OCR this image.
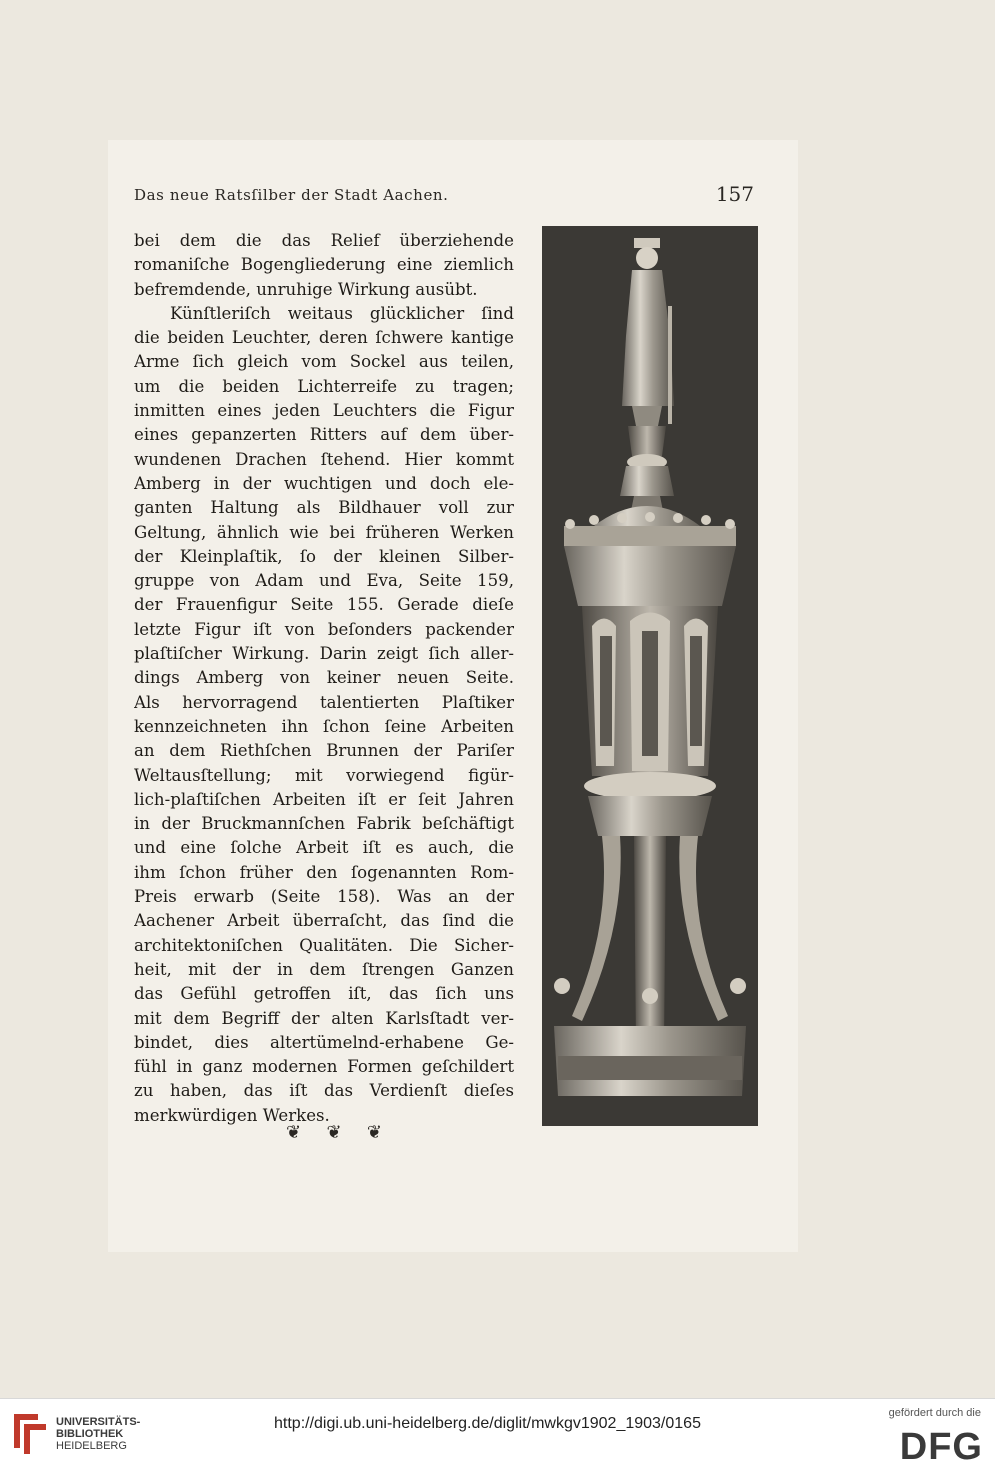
Das neue Ratsſilber der Stadt Aachen.	157
bei dem die das Relief überziehende
romaniſche Bogengliederung eine ziemlich
befremdende, unruhige Wirkung ausübt.
Künſtleriſch weitaus glücklicher ſind
die beiden Leuchter, deren ſchwere kantige
Arme ſich gleich vom Sockel aus teilen,
um die beiden Lichterreife zu tragen;
inmitten eines jeden Leuchters die Figur
eines gepanzerten Ritters auf dem über-
wundenen Drachen ſtehend. Hier kommt
Amberg in der wuchtigen und doch ele-
ganten Haltung als Bildhauer voll zur
Geltung, ähnlich wie bei früheren Werken
der Kleinplaſtik, ſo der kleinen Silber-
gruppe von Adam und Eva, Seite 159,
der Frauenfigur Seite 155. Gerade dieſe
letzte Figur iſt von beſonders packender
plaſtiſcher Wirkung. Darin zeigt ſich aller-
dings Amberg von keiner neuen Seite.
Als hervorragend talentierten Plaſtiker
kennzeichneten ihn ſchon ſeine Arbeiten
an dem Riethſchen Brunnen der Pariſer
Weltausſtellung; mit vorwiegend figür-
lich-plaſtiſchen Arbeiten iſt er ſeit Jahren
in der Bruckmannſchen Fabrik beſchäftigt
und eine ſolche Arbeit iſt es auch, die
ihm ſchon früher den ſogenannten Rom-
Preis erwarb (Seite 158). Was an der
Aachener Arbeit überraſcht, das ſind die
architektoniſchen Qualitäten. Die Sicher-
heit, mit der in dem ſtrengen Ganzen
das Gefühl getroffen iſt, das ſich uns
mit dem Begriff der alten Karlsſtadt ver-
bindet, dies altertümelnd-erhabene Ge-
fühl in ganz modernen Formen geſchildert
zu haben, das iſt das Verdienſt dieſes
merkwürdigen Werkes.
❦ ❦ ❦
UNIVERSITÄTS-
BIBLIOTHEK
HEIDELBERG
http://digi.ub.uni-heidelberg.de/diglit/mwkgv1902_1903/0165
gefördert durch die
DFG
